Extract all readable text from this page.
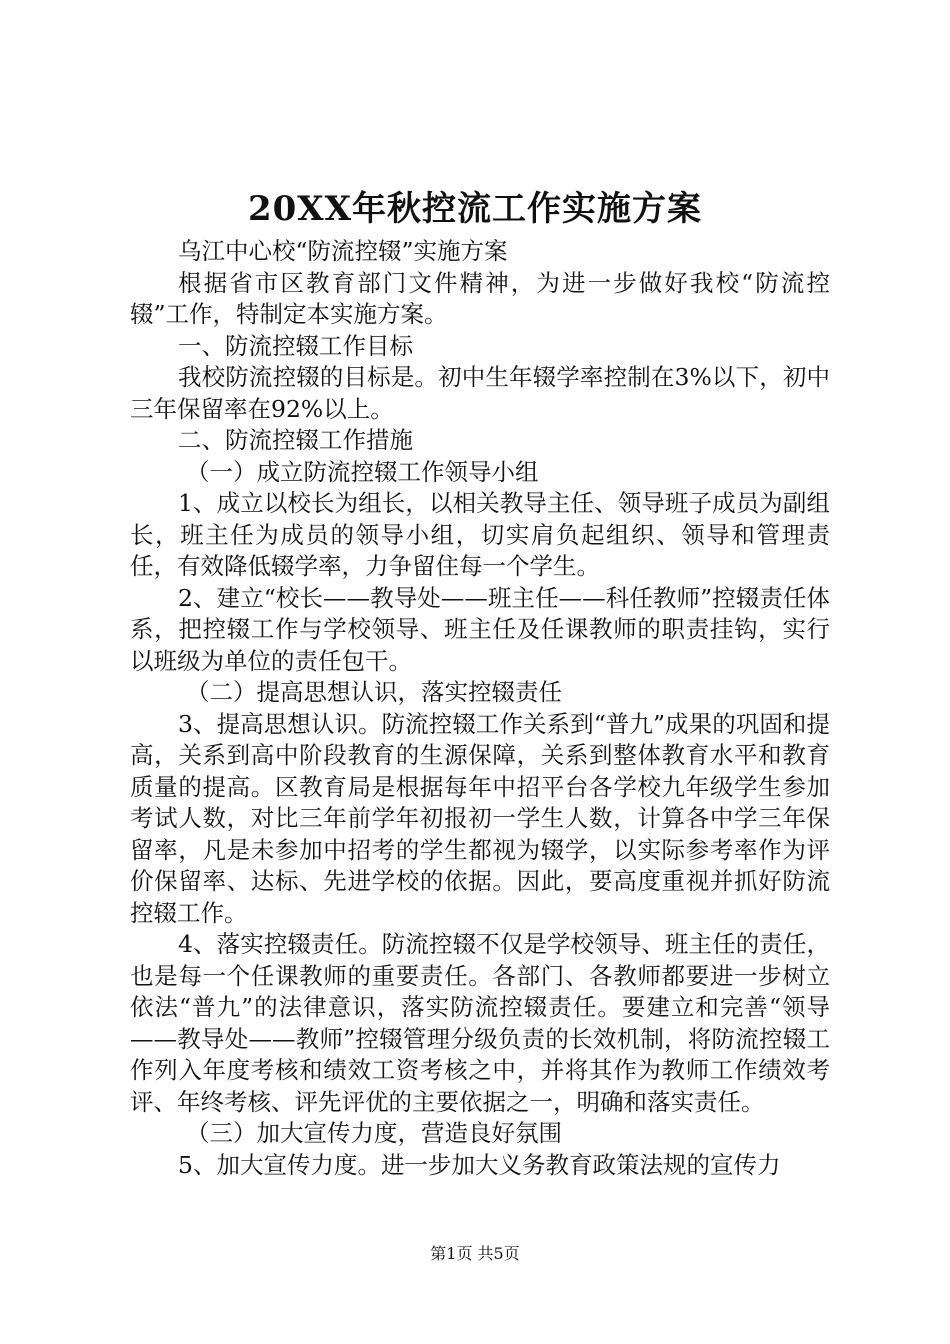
20XX年秋控流工作实施方案

乌江中心校“防流控辍”实施方案

根据省市区教育部门文件精神，为进一步做好我校“防流控辍”工作，特制定本实施方案。

一、防流控辍工作目标

我校防流控辍的目标是。初中生年辍学率控制在3%以下，初中三年保留率在92%以上。

二、防流控辍工作措施

（一）成立防流控辍工作领导小组

1、成立以校长为组长，以相关教导主任、领导班子成员为副组长，班主任为成员的领导小组，切实肩负起组织、领导和管理责任，有效降低辍学率，力争留住每一个学生。

2、建立“校长——教导处——班主任——科任教师”控辍责任体系，把控辍工作与学校领导、班主任及任课教师的职责挂钩，实行以班级为单位的责任包干。

（二）提高思想认识，落实控辍责任

3、提高思想认识。防流控辍工作关系到“普九”成果的巩固和提高，关系到高中阶段教育的生源保障，关系到整体教育水平和教育质量的提高。区教育局是根据每年中招平台各学校九年级学生参加考试人数，对比三年前学年初报初一学生人数，计算各中学三年保留率，凡是未参加中招考的学生都视为辍学，以实际参考率作为评价保留率、达标、先进学校的依据。因此，要高度重视并抓好防流控辍工作。

4、落实控辍责任。防流控辍不仅是学校领导、班主任的责任，也是每一个任课教师的重要责任。各部门、各教师都要进一步树立依法“普九”的法律意识，落实防流控辍责任。要建立和完善“领导——教导处——教师”控辍管理分级负责的长效机制，将防流控辍工作列入年度考核和绩效工资考核之中，并将其作为教师工作绩效考评、年终考核、评先评优的主要依据之一，明确和落实责任。

（三）加大宣传力度，营造良好氛围

5、加大宣传力度。进一步加大义务教育政策法规的宣传力

第1页 共5页
